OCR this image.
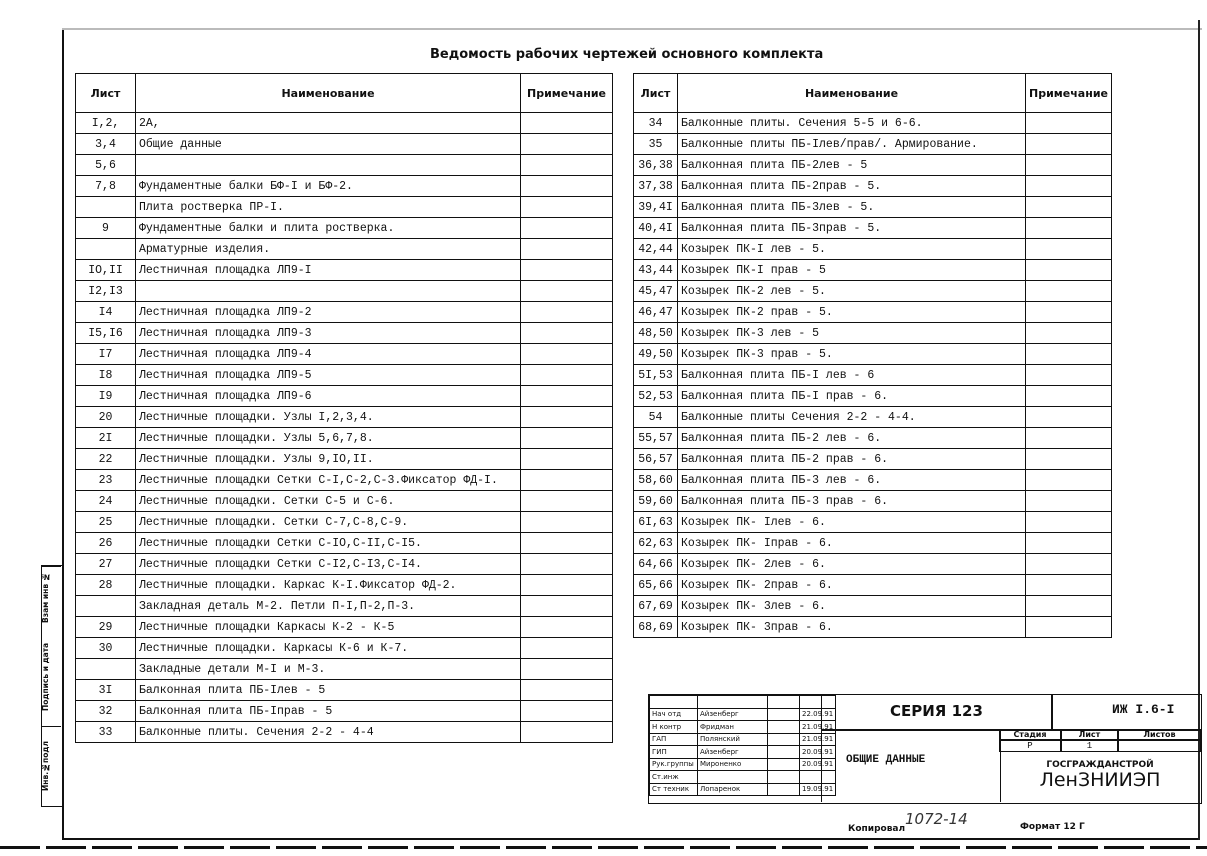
Ведомость рабочих чертежей основного комплекта
Лист	Наименование	Примечание
I,2,	2А,	
3,4	Общие данные	
5,6		
7,8	Фундаментные балки БФ-I и БФ-2.	
	Плита ростверка ПР-I.	
9	Фундаментные балки и плита ростверка.	
	Арматурные изделия.	
IO,II	Лестничная площадка ЛП9-I	
I2,I3		
I4	Лестничная площадка ЛП9-2	
I5,I6	Лестничная площадка ЛП9-3	
I7	Лестничная площадка ЛП9-4	
I8	Лестничная площадка ЛП9-5	
I9	Лестничная площадка ЛП9-6	
20	Лестничные площадки. Узлы I,2,3,4.	
2I	Лестничные площадки. Узлы 5,6,7,8.	
22	Лестничные площадки. Узлы 9,IO,II.	
23	Лестничные площадки Сетки С-I,С-2,С-3.Фиксатор ФД-I.	
24	Лестничные площадки. Сетки С-5 и С-6.	
25	Лестничные площадки. Сетки С-7,С-8,С-9.	
26	Лестничные площадки Сетки С-IO,С-II,С-I5.	
27	Лестничные площадки Сетки С-I2,С-I3,С-I4.	
28	Лестничные площадки. Каркас К-I.Фиксатор ФД-2.	
	Закладная деталь М-2. Петли П-I,П-2,П-3.	
29	Лестничные площадки Каркасы К-2 - К-5	
30	Лестничные площадки. Каркасы К-6 и К-7.	
	Закладные детали М-I и М-3.	
3I	Балконная плита ПБ-Iлев - 5	
32	Балконная плита ПБ-Iправ - 5	
33	Балконные плиты. Сечения 2-2 - 4-4	
Лист	Наименование	Примечание
34	Балконные плиты. Сечения 5-5 и 6-6.	
35	Балконные плиты ПБ-Iлев/прав/. Армирование.	
36,38	Балконная плита ПБ-2лев - 5	
37,38	Балконная плита ПБ-2прав - 5.	
39,4I	Балконная плита ПБ-3лев - 5.	
40,4I	Балконная плита ПБ-3прав - 5.	
42,44	Козырек ПК-I лев - 5.	
43,44	Козырек ПК-I прав - 5	
45,47	Козырек ПК-2 лев - 5.	
46,47	Козырек ПК-2 прав - 5.	
48,50	Козырек ПК-3 лев - 5	
49,50	Козырек ПК-3 прав - 5.	
5I,53	Балконная плита ПБ-I лев - 6	
52,53	Балконная плита ПБ-I прав - 6.	
54	Балконные плиты Сечения 2-2 - 4-4.	
55,57	Балконная плита ПБ-2 лев - 6.	
56,57	Балконная плита ПБ-2 прав - 6.	
58,60	Балконная плита ПБ-3 лев - 6.	
59,60	Балконная плита ПБ-3 прав - 6.	
6I,63	Козырек ПК- Iлев - 6.	
62,63	Козырек ПК- Iправ - 6.	
64,66	Козырек ПК- 2лев - 6.	
65,66	Козырек ПК- 2прав - 6.	
67,69	Козырек ПК- 3лев - 6.	
68,69	Козырек ПК- 3прав - 6.	
Инв.№подл
Подпись и дата
Взам инв №

Нач отд	Айзенберг		22.09.91
Н контр	Фридман		21.09.91
ГАП	Полянский		21.09.91
ГИП	Айзенберг		20.09.91
Рук.группы	Мироненко		20.09.91
Ст.инж			
Ст техник	Лопаренок		19.09.91
СЕРИЯ 123	ИЖ I.6-I
ОБЩИЕ ДАННЫЕ
Стадия	Лист	Листов
Р	1
ГОСГРАЖДАНСТРОЙ
ЛенЗНИИЭП
Копировал
1072-14	Формат 12 Г
